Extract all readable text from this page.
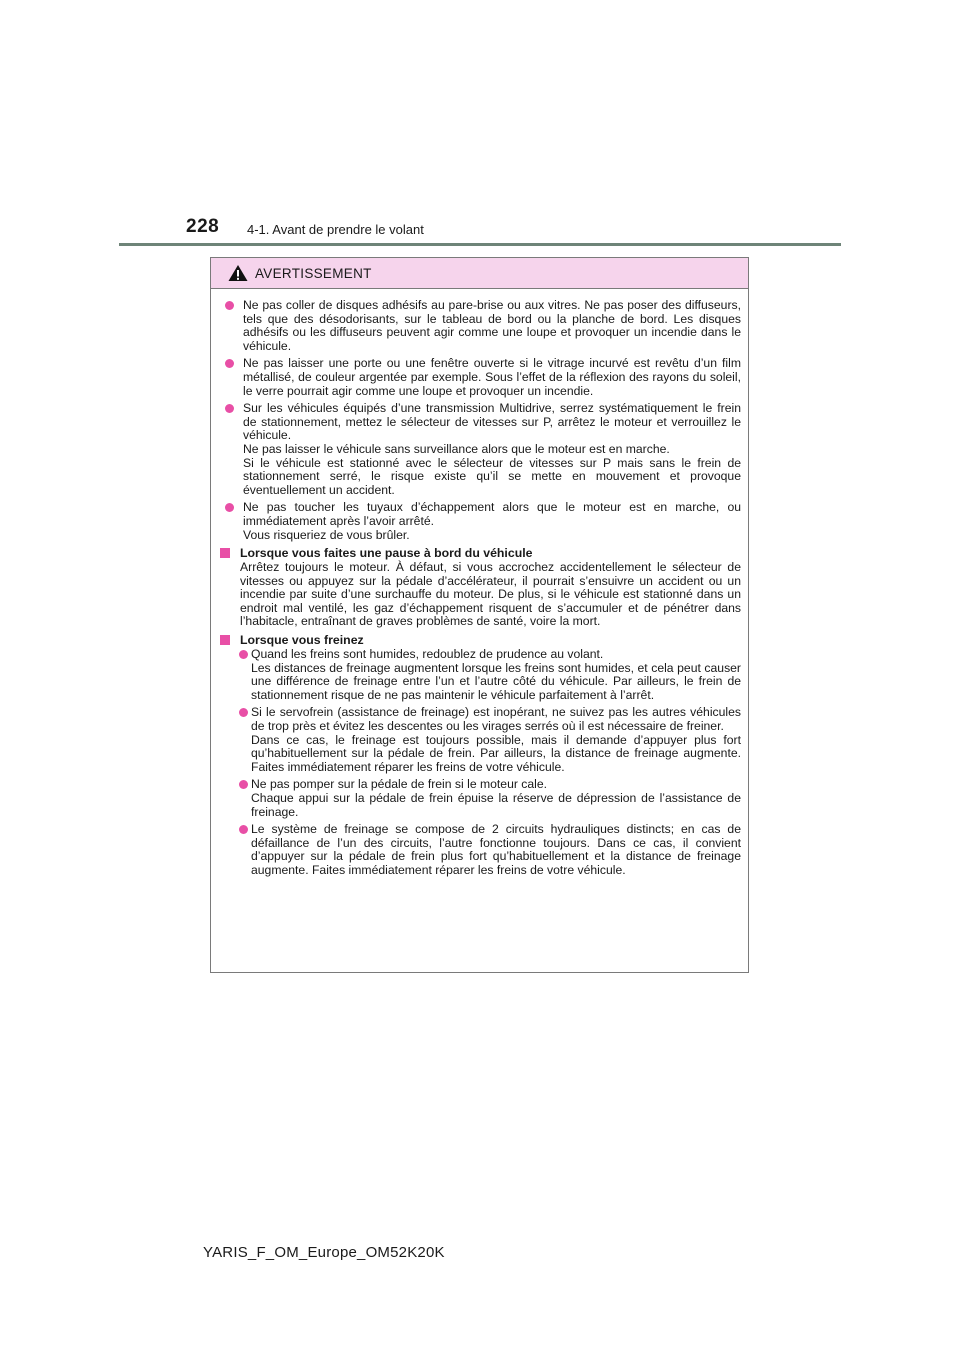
228 4-1. Avant de prendre le volant
AVERTISSEMENT
Ne pas coller de disques adhésifs au pare-brise ou aux vitres. Ne pas poser des diffuseurs, tels que des désodorisants, sur le tableau de bord ou la planche de bord. Les disques adhésifs ou les diffuseurs peuvent agir comme une loupe et provoquer un incendie dans le véhicule.
Ne pas laisser une porte ou une fenêtre ouverte si le vitrage incurvé est revêtu d’un film métallisé, de couleur argentée par exemple. Sous l’effet de la réflexion des rayons du soleil, le verre pourrait agir comme une loupe et provoquer un incendie.
Sur les véhicules équipés d’une transmission Multidrive, serrez systématiquement le frein de stationnement, mettez le sélecteur de vitesses sur P, arrêtez le moteur et verrouillez le véhicule.
Ne pas laisser le véhicule sans surveillance alors que le moteur est en marche.
Si le véhicule est stationné avec le sélecteur de vitesses sur P mais sans le frein de stationnement serré, le risque existe qu’il se mette en mouvement et provoque éventuellement un accident.
Ne pas toucher les tuyaux d’échappement alors que le moteur est en marche, ou immédiatement après l’avoir arrêté.
Vous risqueriez de vous brûler.
Lorsque vous faites une pause à bord du véhicule
Arrêtez toujours le moteur. À défaut, si vous accrochez accidentellement le sélecteur de vitesses ou appuyez sur la pédale d’accélérateur, il pourrait s’ensuivre un accident ou un incendie par suite d’une surchauffe du moteur. De plus, si le véhicule est stationné dans un endroit mal ventilé, les gaz d’échappement risquent de s’accumuler et de pénétrer dans l’habitacle, entraînant de graves problèmes de santé, voire la mort.
Lorsque vous freinez
Quand les freins sont humides, redoublez de prudence au volant.
Les distances de freinage augmentent lorsque les freins sont humides, et cela peut causer une différence de freinage entre l’un et l’autre côté du véhicule. Par ailleurs, le frein de stationnement risque de ne pas maintenir le véhicule parfaitement à l’arrêt.
Si le servofrein (assistance de freinage) est inopérant, ne suivez pas les autres véhicules de trop près et évitez les descentes ou les virages serrés où il est nécessaire de freiner.
Dans ce cas, le freinage est toujours possible, mais il demande d’appuyer plus fort qu’habituellement sur la pédale de frein. Par ailleurs, la distance de freinage augmente. Faites immédiatement réparer les freins de votre véhicule.
Ne pas pomper sur la pédale de frein si le moteur cale.
Chaque appui sur la pédale de frein épuise la réserve de dépression de l’assistance de freinage.
Le système de freinage se compose de 2 circuits hydrauliques distincts; en cas de défaillance de l’un des circuits, l’autre fonctionne toujours. Dans ce cas, il convient d’appuyer sur la pédale de frein plus fort qu’habituellement et la distance de freinage augmente. Faites immédiatement réparer les freins de votre véhicule.
YARIS_F_OM_Europe_OM52K20K
